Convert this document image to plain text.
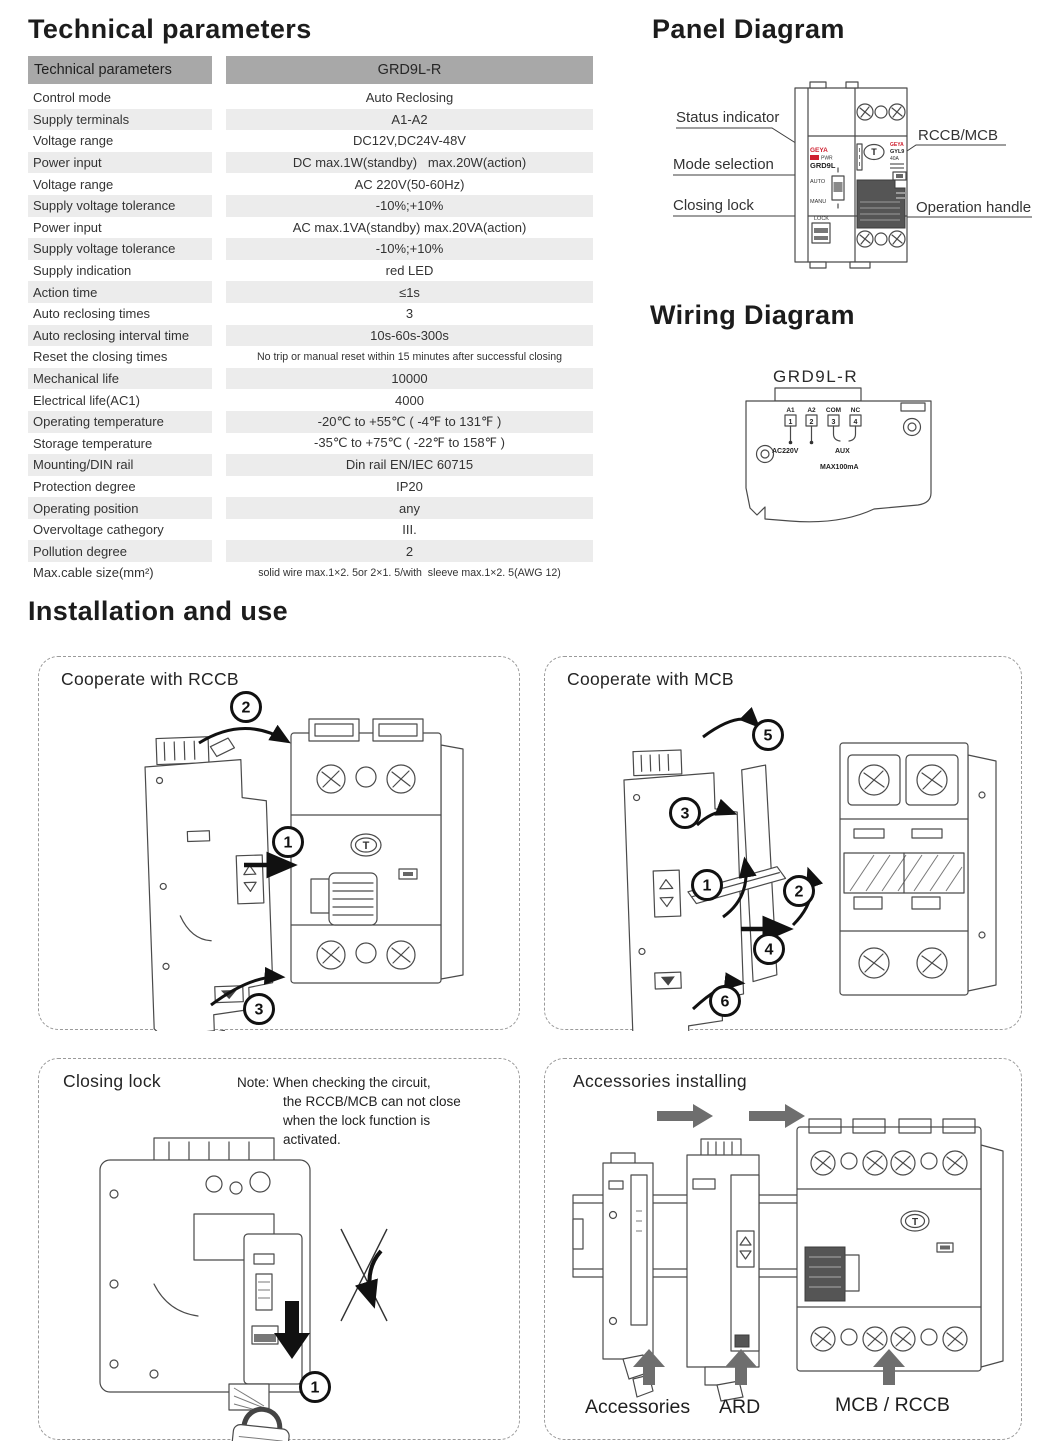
Technical parameters	Panel Diagram
Wiring Diagram
Installation and use
Technical parameters	GRD9L-R
Control mode	Auto Reclosing
Supply terminals	A1-A2
Voltage range	DC12V,DC24V-48V
Power input	DC max.1W(standby)   max.20W(action)
Voltage range	AC 220V(50-60Hz)
Supply voltage tolerance	-10%;+10%
Power input	AC max.1VA(standby) max.20VA(action)
Supply voltage tolerance	-10%;+10%
Supply indication	red LED
Action time	≤1s
Auto reclosing times	3
Auto reclosing interval time	10s-60s-300s
Reset the closing times	No trip or manual reset within 15 minutes after successful closing
Mechanical life	10000
Electrical life(AC1)	4000
Operating temperature	-20℃ to +55℃ ( -4℉ to 131℉ )
Storage temperature	-35℃ to +75℃ ( -22℉ to 158℉ )
Mounting/DIN rail	Din rail EN/IEC 60715
Protection degree	IP20
Operating position	any
Overvoltage cathegory	III.
Pollution degree	2
Max.cable size(mm²)	solid wire max.1×2. 5or 2×1. 5/with  sleeve max.1×2. 5(AWG 12)
Status indicator
Mode selection
Closing lock
RCCB/MCB
Operation handle
GEYA
PWR
GRD9L
AUTO
MANU
LOCK
T
GEYA
GYL9
40A
GRD9L-R
A1 A2 COM NC
1 2	3	4
AC220V	AUX
MAX100mA
Cooperate with RCCB
T
2
1
3
Cooperate with MCB
5
3
1	2
4
6
Closing lock	Note: When checking the circuit,
the RCCB/MCB can not close
when the lock function is
activated.
1
Accessories installing
T
Accessories ARD	MCB / RCCB
